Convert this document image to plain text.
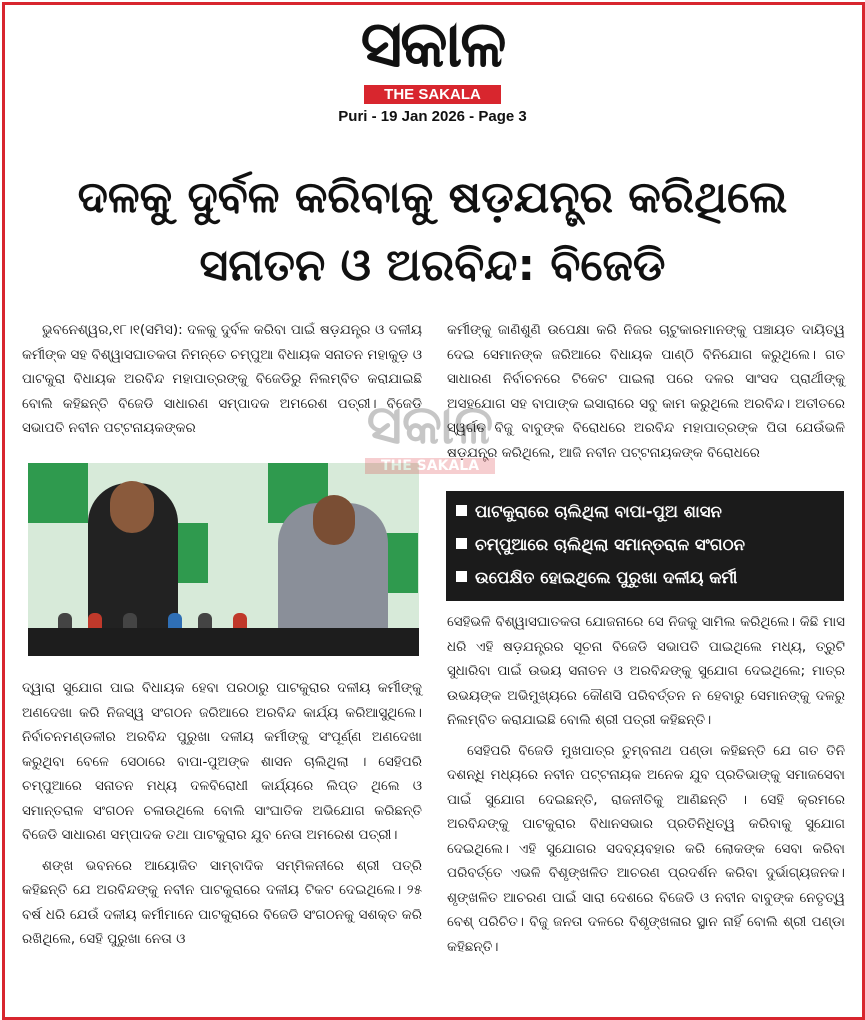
ସକାଳ
THE SAKALA
Puri - 19 Jan 2026 - Page 3
ଦଳକୁ ଦୁର୍ବଳ କରିବାକୁ ଷଡ଼ଯନ୍ତ୍ର କରିଥିଲେ
ସନାତନ ଓ ଅରବିନ୍ଦ: ବିଜେଡି

ଭୁବନେଶ୍ୱର,୧୮।୧(ସମିସ): ଦଳକୁ ଦୁର୍ବଳ କରିବା ପାଇଁ ଷଡ଼ଯନ୍ତ୍ର ଓ ଦଳୀୟ କର୍ମୀଙ୍କ ସହ ବିଶ୍ୱାସଘାତକତା ନିମନ୍ତେ ଚମ୍ପୁଆ ବିଧାୟକ ସନାତନ ମହାକୁଡ଼ ଓ ପାଟକୁରା ବିଧାୟକ ଅରବିନ୍ଦ ମହାପାତ୍ରଙ୍କୁ ବିଜେଡିରୁ ନିଲମ୍ବିତ କରାଯାଇଛି ବୋଲି କହିଛନ୍ତି ବିଜେଡି ସାଧାରଣ ସମ୍ପାଦକ ଅମରେଶ ପତ୍ରୀ। ବିଜେଡି ସଭାପତି ନବୀନ ପଟ୍ଟନାୟକଙ୍କର

ଦ୍ୱାରା ସୁଯୋଗ ପାଇ ବିଧାୟକ ହେବା ପରଠାରୁ ପାଟକୁରାର ଦଳୀୟ କର୍ମୀଙ୍କୁ ଅଣଦେଖା କରି ନିଜସ୍ୱ ସଂଗଠନ ଜରିଆରେ ଅରବିନ୍ଦ କାର୍ଯ୍ୟ କରିଆସୁଥିଲେ। ନିର୍ବାଚନମଣ୍ଡଳୀର ଅରବିନ୍ଦ ପୁରୁଖା ଦଳୀୟ କର୍ମୀଙ୍କୁ ସଂପୂର୍ଣ୍ଣ ଅଣଦେଖା କରୁଥିବା ବେଳେ ସେଠାରେ ବାପା-ପୁଅଙ୍କ ଶାସନ ଚାଲିଥିଲା । ସେହିପରି ଚମ୍ପୁଆରେ ସନାତନ ମଧ୍ୟ ଦଳବିରୋଧୀ କାର୍ଯ୍ୟରେ ଲିପ୍ତ ଥିଲେ ଓ ସମାନ୍ତରାଳ ସଂଗଠନ ଚଳାଉଥିଲେ ବୋଲି ସାଂଘାତିକ ଅଭିଯୋଗ କରିଛନ୍ତି ବିଜେଡି ସାଧାରଣ ସମ୍ପାଦକ ତଥା ପାଟକୁରାର ଯୁବ ନେତା ଅମରେଶ ପତ୍ରୀ।

ଶଙ୍ଖ ଭବନରେ ଆୟୋଜିତ ସାମ୍ବାଦିକ ସମ୍ମିଳନୀରେ ଶ୍ରୀ ପତ୍ରି କହିଛନ୍ତି ଯେ ଅରବିନ୍ଦଙ୍କୁ ନବୀନ ପାଟକୁରାରେ ଦଳୀୟ ଟିକଟ ଦେଇଥିଲେ। ୨୫ ବର୍ଷ ଧରି ଯେଉଁ ଦଳୀୟ କର୍ମୀମାନେ ପାଟକୁରାରେ ବିଜେଡି ସଂଗଠନକୁ ସଶକ୍ତ କରି ରଖିଥିଲେ, ସେହି ପୁରୁଖା ନେତା ଓ

କର୍ମୀଙ୍କୁ ଜାଣିଶୁଣି ଉପେକ୍ଷା କରି ନିଜର ଚାଟୁକାରମାନଙ୍କୁ ପଞ୍ଚାୟତ ଦାୟିତ୍ୱ ଦେଇ ସେମାନଙ୍କ ଜରିଆରେ ବିଧାୟକ ପାଣ୍ଠି ବିନିଯୋଗ କରୁଥିଲେ। ଗତ ସାଧାରଣ ନିର୍ବାଚନରେ ଟିକେଟ ପାଇଲା ପରେ ଦଳର ସାଂସଦ ପ୍ରାର୍ଥୀଙ୍କୁ ଅସହଯୋଗ ସହ ବାପାଙ୍କ ଇସାରାରେ ସବୁ କାମ କରୁଥିଲେ ଅରବିନ୍ଦ। ଅତୀତରେ ସ୍ୱର୍ଗତ ବିଜୁ ବାବୁଙ୍କ ବିରୋଧରେ ଅରବିନ୍ଦ ମହାପାତ୍ରଙ୍କ ପିତା ଯେଉଁଭଳି ଷଡ଼ଯନ୍ତ୍ର କରିଥିଲେ, ଆଜି ନବୀନ ପଟ୍ଟନାୟକଙ୍କ ବିରୋଧରେ

ପାଟକୁରାରେ ଚାଲିଥିଲା ବାପା-ପୁଅ ଶାସନ
ଚମ୍ପୁଆରେ ଚାଲିଥିଲା ସମାନ୍ତରାଳ ସଂଗଠନ
ଉପେକ୍ଷିତ ହୋଇଥିଲେ ପୁରୁଖା ଦଳୀୟ କର୍ମୀ

ସେହିଭଳି ବିଶ୍ୱାସଘାତକତା ଯୋଜନାରେ ସେ ନିଜକୁ ସାମିଲ କରିଥିଲେ। କିଛି ମାସ ଧରି ଏହି ଷଡ଼ଯନ୍ତ୍ରର ସୂଚନା ବିଜେଡି ସଭାପତି ପାଇଥିଲେ ମଧ୍ୟ, ତ୍ରୁଟି ସୁଧାରିବା ପାଇଁ ଉଭୟ ସନାତନ ଓ ଅରବିନ୍ଦଙ୍କୁ ସୁଯୋଗ ଦେଇଥିଲେ; ମାତ୍ର ଉଭୟଙ୍କ ଅଭିମୁଖ୍ୟରେ କୌଣସି ପରିବର୍ତ୍ତନ ନ ହେବାରୁ ସେମାନଙ୍କୁ ଦଳରୁ ନିଲମ୍ବିତ କରାଯାଇଛି ବୋଲି ଶ୍ରୀ ପତ୍ରୀ କହିଛନ୍ତି।

ସେହିପରି ବିଜେଡି ମୁଖପାତ୍ର ତୁମ୍ବନାଥ ପଣ୍ଡା କହିଛନ୍ତି ଯେ ଗତ ତିନି ଦଶନ୍ଧି ମଧ୍ୟରେ ନବୀନ ପଟ୍ଟନାୟକ ଅନେକ ଯୁବ ପ୍ରତିଭାଙ୍କୁ ସମାଜସେବା ପାଇଁ ସୁଯୋଗ ଦେଇଛନ୍ତି, ରାଜନୀତିକୁ ଆଣିଛନ୍ତି । ସେହି କ୍ରମରେ ଅରବିନ୍ଦଙ୍କୁ ପାଟକୁରାର ବିଧାନସଭାର ପ୍ରତିନିଧିତ୍ୱ କରିବାକୁ ସୁଯୋଗ ଦେଇଥିଲେ। ଏହି ସୁଯୋଗର ସଦବ୍ୟବହାର କରି ଲୋକଙ୍କ ସେବା କରିବା ପରିବର୍ତ୍ତେ ଏଭଳି ବିଶୃଙ୍ଖଳିତ ଆଚରଣ ପ୍ରଦର୍ଶନ କରିବା ଦୁର୍ଭାଗ୍ୟଜନକ। ଶୃଙ୍ଖଳିତ ଆଚରଣ ପାଇଁ ସାରା ଦେଶରେ ବିଜେଡି ଓ ନବୀନ ବାବୁଙ୍କ ନେତୃତ୍ୱ ବେଶ୍ ପରିଚିତ। ବିଜୁ ଜନତା ଦଳରେ ବିଶୃଙ୍ଖଳାର ସ୍ଥାନ ନାହିଁ ବୋଲି ଶ୍ରୀ ପଣ୍ଡା କହିଛନ୍ତି।

ସକାଳ
THE SAKALA
